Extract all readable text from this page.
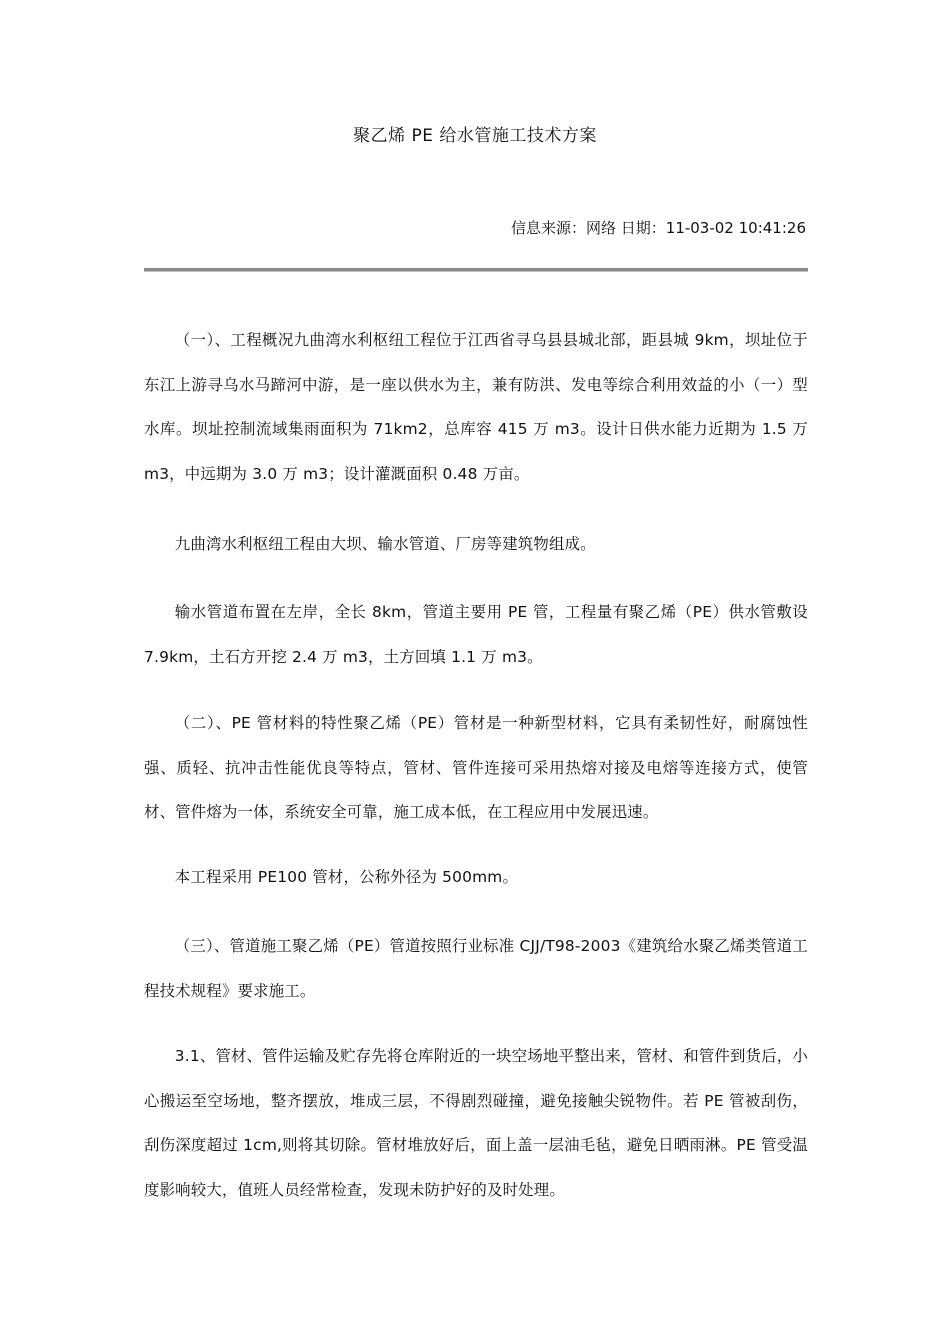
聚乙烯 PE 给水管施工技术方案
信息来源：网络 日期：11-03-02 10:41:26

（一）、工程概况九曲湾水利枢纽工程位于江西省寻乌县县城北部，距县城 9km，坝址位于东江上游寻乌水马蹄河中游，是一座以供水为主，兼有防洪、发电等综合利用效益的小（一）型水库。坝址控制流域集雨面积为 71km2，总库容 415 万 m3。设计日供水能力近期为 1.5 万 m3，中远期为 3.0 万 m3；设计灌溉面积 0.48 万亩。

九曲湾水利枢纽工程由大坝、输水管道、厂房等建筑物组成。

输水管道布置在左岸，全长 8km，管道主要用 PE 管，工程量有聚乙烯（PE）供水管敷设 7.9km，土石方开挖 2.4 万 m3，土方回填 1.1 万 m3。

（二）、PE 管材料的特性聚乙烯（PE）管材是一种新型材料，它具有柔韧性好，耐腐蚀性强、质轻、抗冲击性能优良等特点，管材、管件连接可采用热熔对接及电熔等连接方式，使管材、管件熔为一体，系统安全可靠，施工成本低，在工程应用中发展迅速。

本工程采用 PE100 管材，公称外径为 500mm。

（三）、管道施工聚乙烯（PE）管道按照行业标准 CJJ/T98-2003《建筑给水聚乙烯类管道工程技术规程》要求施工。

3.1、管材、管件运输及贮存先将仓库附近的一块空场地平整出来，管材、和管件到货后，小心搬运至空场地，整齐摆放，堆成三层，不得剧烈碰撞，避免接触尖锐物件。若 PE 管被刮伤，刮伤深度超过 1cm,则将其切除。管材堆放好后，面上盖一层油毛毡，避免日晒雨淋。PE 管受温度影响较大，值班人员经常检查，发现未防护好的及时处理。
